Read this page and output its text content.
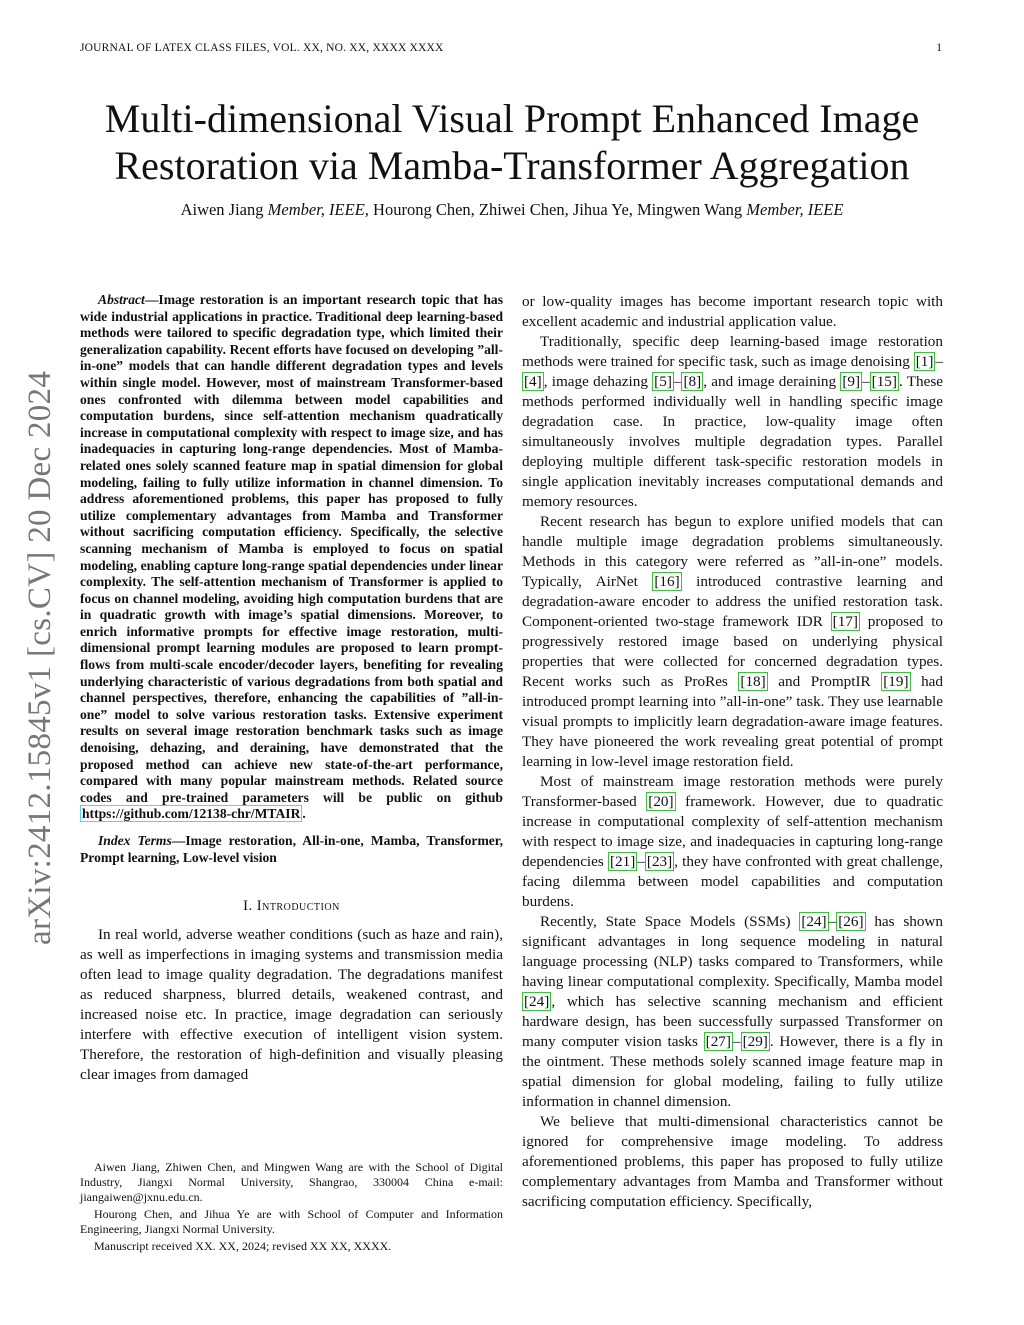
JOURNAL OF LATEX CLASS FILES, VOL. XX, NO. XX, XXXX XXXX	1
Multi-dimensional Visual Prompt Enhanced Image
Restoration via Mamba-Transformer Aggregation
Aiwen Jiang Member, IEEE, Hourong Chen, Zhiwei Chen, Jihua Ye, Mingwen Wang Member, IEEE
arXiv:2412.15845v1 [cs.CV] 20 Dec 2024
Abstract—Image restoration is an important research topic that has wide industrial applications in practice. Traditional deep learning-based methods were tailored to specific degradation type, which limited their generalization capability. Recent efforts have focused on developing ”all-in-one” models that can handle different degradation types and levels within single model. However, most of mainstream Transformer-based ones confronted with dilemma between model capabilities and computation burdens, since self-attention mechanism quadratically increase in computational complexity with respect to image size, and has inadequacies in capturing long-range dependencies. Most of Mamba-related ones solely scanned feature map in spatial dimension for global modeling, failing to fully utilize information in channel dimension. To address aforementioned problems, this paper has proposed to fully utilize complementary advantages from Mamba and Transformer without sacrificing computation efficiency. Specifically, the selective scanning mechanism of Mamba is employed to focus on spatial modeling, enabling capture long-range spatial dependencies under linear complexity. The self-attention mechanism of Transformer is applied to focus on channel modeling, avoiding high computation burdens that are in quadratic growth with image’s spatial dimensions. Moreover, to enrich informative prompts for effective image restoration, multi-dimensional prompt learning modules are proposed to learn prompt-flows from multi-scale encoder/decoder layers, benefiting for revealing underlying characteristic of various degradations from both spatial and channel perspectives, therefore, enhancing the capabilities of ”all-in-one” model to solve various restoration tasks. Extensive experiment results on several image restoration benchmark tasks such as image denoising, dehazing, and deraining, have demonstrated that the proposed method can achieve new state-of-the-art performance, compared with many popular mainstream methods. Related source codes and pre-trained parameters will be public on github https://github.com/12138-chr/MTAIR .
Index Terms—Image restoration, All-in-one, Mamba, Transformer, Prompt learning, Low-level vision
I. Introduction

In real world, adverse weather conditions (such as haze and rain), as well as imperfections in imaging systems and transmission media often lead to image quality degradation. The degradations manifest as reduced sharpness, blurred details, weakened contrast, and increased noise etc. In practice, image degradation can seriously interfere with effective execution of intelligent vision system. Therefore, the restoration of high-definition and visually pleasing clear images from damaged

Aiwen Jiang, Zhiwen Chen, and Mingwen Wang are with the School of Digital Industry, Jiangxi Normal University, Shangrao, 330004 China e-mail: jiangaiwen@jxnu.edu.cn.

Hourong Chen, and Jihua Ye are with School of Computer and Information Engineering, Jiangxi Normal University.

Manuscript received XX. XX, 2024; revised XX XX, XXXX.

or low-quality images has become important research topic with excellent academic and industrial application value.

Traditionally, specific deep learning-based image restoration methods were trained for specific task, such as image denoising [1] –[4] , image dehazing [5] – [8] , and image deraining [9] – [15] . These methods performed individually well in handling specific image degradation case. In practice, low-quality image often simultaneously involves multiple degradation types. Parallel deploying multiple different task-specific restoration models in single application inevitably increases computational demands and memory resources.

Recent research has begun to explore unified models that can handle multiple image degradation problems simultaneously. Methods in this category were referred as ”all-in-one” models. Typically, AirNet [16] introduced contrastive learning and degradation-aware encoder to address the unified restoration task. Component-oriented two-stage framework IDR [17] proposed to progressively restored image based on underlying physical properties that were collected for concerned degradation types. Recent works such as ProRes [18] and PromptIR [19] had introduced prompt learning into ”all-in-one” task. They use learnable visual prompts to implicitly learn degradation-aware image features. They have pioneered the work revealing great potential of prompt learning in low-level image restoration field.

Most of mainstream image restoration methods were purely Transformer-based [20] framework. However, due to quadratic increase in computational complexity of self-attention mechanism with respect to image size, and inadequacies in capturing long-range dependencies [21] – [23] , they have confronted with great challenge, facing dilemma between model capabilities and computation burdens.

Recently, State Space Models (SSMs) [24] – [26] has shown significant advantages in long sequence modeling in natural language processing (NLP) tasks compared to Transformers, while having linear computational complexity. Specifically, Mamba model [24] , which has selective scanning mechanism and efficient hardware design, has been successfully surpassed Transformer on many computer vision tasks [27] – [29] . However, there is a fly in the ointment. These methods solely scanned image feature map in spatial dimension for global modeling, failing to fully utilize information in channel dimension.

We believe that multi-dimensional characteristics cannot be ignored for comprehensive image modeling. To address aforementioned problems, this paper has proposed to fully utilize complementary advantages from Mamba and Transformer without sacrificing computation efficiency. Specifically,
